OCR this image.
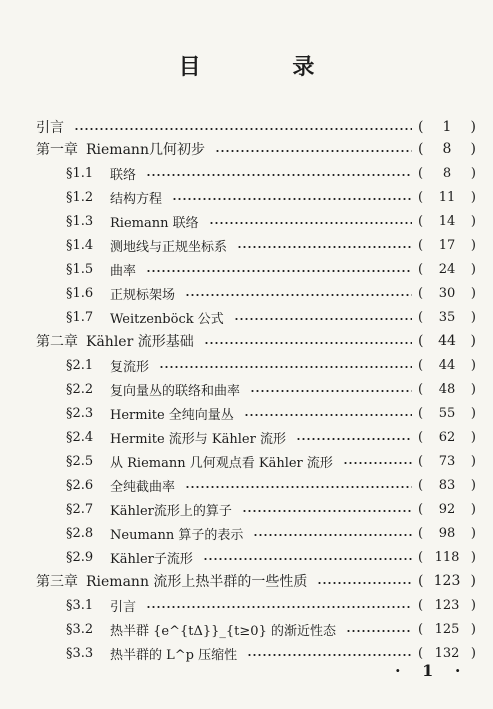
目 录
引言	(	1	)
第一章 Riemann几何初步	(	8	)
§1.1	联络	(	8	)
§1.2	结构方程	(	11	)
§1.3	Riemann 联络	(	14	)
§1.4	测地线与正规坐标系	(	17	)
§1.5	曲率	(	24	)
§1.6	正规标架场	(	30	)
§1.7	Weitzenböck 公式	(	35	)
第二章 Kähler 流形基础	(	44	)
§2.1	复流形	(	44	)
§2.2	复向量丛的联络和曲率	(	48	)
§2.3	Hermite 全纯向量丛	(	55	)
§2.4	Hermite 流形与 Kähler 流形	(	62	)
§2.5	从 Riemann 几何观点看 Kähler 流形	(	73	)
§2.6	全纯截曲率	(	83	)
§2.7	Kähler流形上的算子	(	92	)
§2.8	Neumann 算子的表示	(	98	)
§2.9	Kähler子流形	( 118 )
第三章 Riemann 流形上热半群的一些性质	( 123 )
§3.1	引言	( 123 )
§3.2	热半群 {e^{tΔ}}_{t≥0} 的渐近性态	( 125 )
§3.3	热半群的 L^p 压缩性	( 132 )
· 1 ·
